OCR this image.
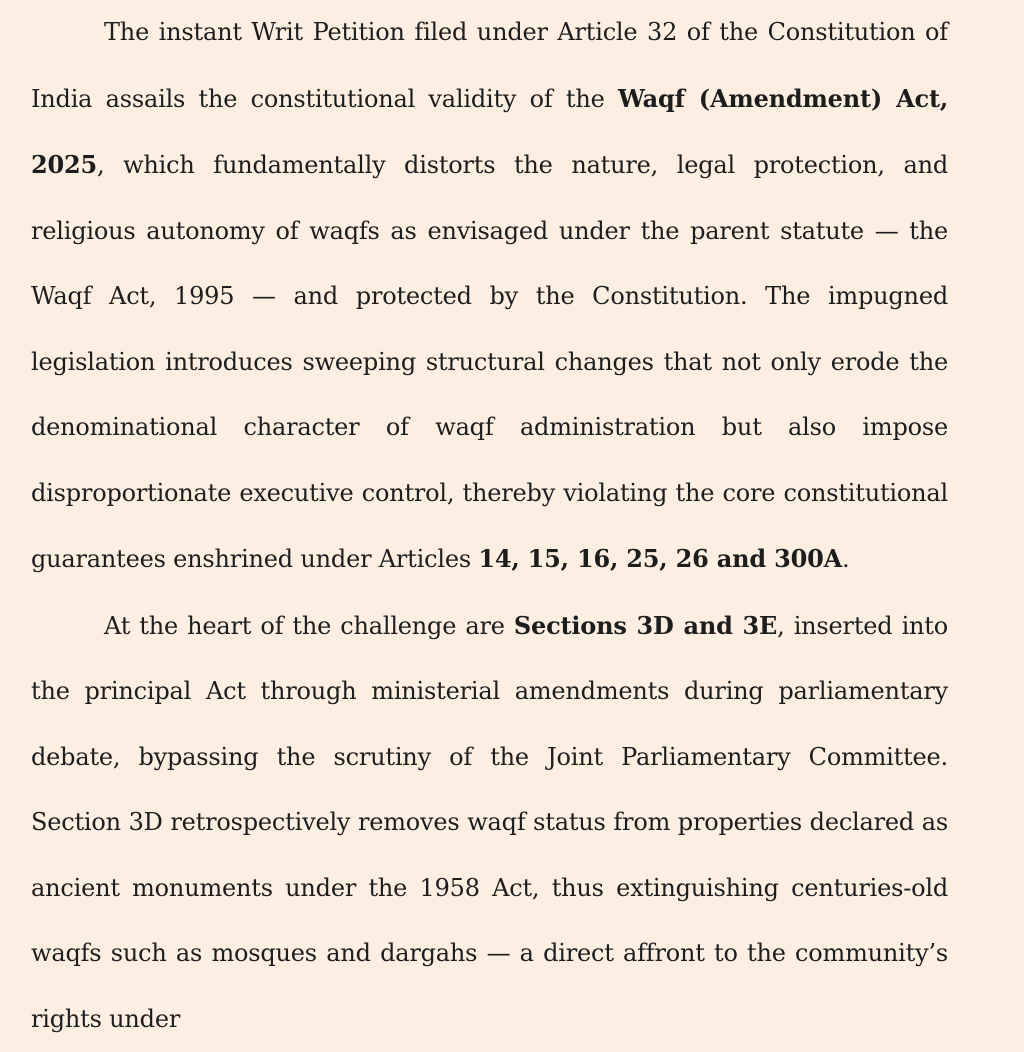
The instant Writ Petition filed under Article 32 of the Constitution of India assails the constitutional validity of the Waqf (Amendment) Act, 2025, which fundamentally distorts the nature, legal protection, and religious autonomy of waqfs as envisaged under the parent statute — the Waqf Act, 1995 — and protected by the Constitution. The impugned legislation introduces sweeping structural changes that not only erode the denominational character of waqf administration but also impose disproportionate executive control, thereby violating the core constitutional guarantees enshrined under Articles 14, 15, 16, 25, 26 and 300A.

At the heart of the challenge are Sections 3D and 3E, inserted into the principal Act through ministerial amendments during parliamentary debate, bypassing the scrutiny of the Joint Parliamentary Committee. Section 3D retrospectively removes waqf status from properties declared as ancient monuments under the 1958 Act, thus extinguishing centuries-old waqfs such as mosques and dargahs — a direct affront to the community’s rights under
